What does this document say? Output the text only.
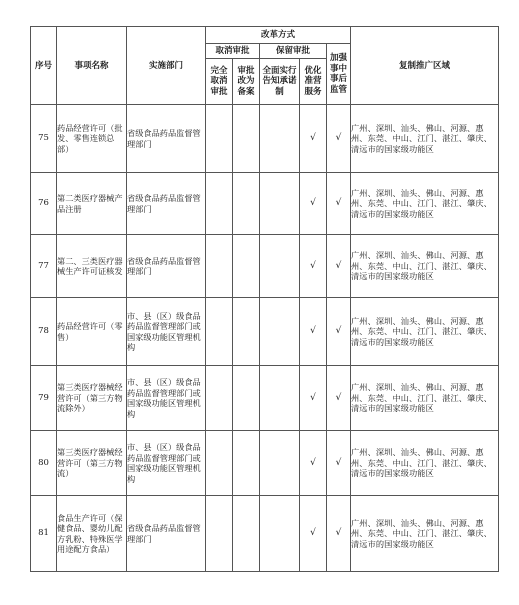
序号	事项名称	实施部门	改革方式					复制推广区域
			取消审批		保留审批		加强事中事后监管	
			完全取消审批	审批改为备案	全面实行告知承诺制	优化准营服务		
75	药品经营许可（批发、零售连锁总部）	省级食品药品监督管理部门				√	√	广州、深圳、汕头、佛山、河源、惠州、东莞、中山、江门、湛江、肇庆、清远市的国家级功能区
76	第二类医疗器械产品注册	省级食品药品监督管理部门				√	√	广州、深圳、汕头、佛山、河源、惠州、东莞、中山、江门、湛江、肇庆、清远市的国家级功能区
77	第二、三类医疗器械生产许可证核发	省级食品药品监督管理部门				√	√	广州、深圳、汕头、佛山、河源、惠州、东莞、中山、江门、湛江、肇庆、清远市的国家级功能区
78	药品经营许可（零售）	市、县（区）级食品药品监督管理部门或国家级功能区管理机构				√	√	广州、深圳、汕头、佛山、河源、惠州、东莞、中山、江门、湛江、肇庆、清远市的国家级功能区
79	第三类医疗器械经营许可（第三方物流除外）	市、县（区）级食品药品监督管理部门或国家级功能区管理机构				√	√	广州、深圳、汕头、佛山、河源、惠州、东莞、中山、江门、湛江、肇庆、清远市的国家级功能区
80	第三类医疗器械经营许可（第三方物流）	市、县（区）级食品药品监督管理部门或国家级功能区管理机构				√	√	广州、深圳、汕头、佛山、河源、惠州、东莞、中山、江门、湛江、肇庆、清远市的国家级功能区
81	食品生产许可（保健食品、婴幼儿配方乳粉、特殊医学用途配方食品）	省级食品药品监督管理部门				√	√	广州、深圳、汕头、佛山、河源、惠州、东莞、中山、江门、湛江、肇庆、清远市的国家级功能区
